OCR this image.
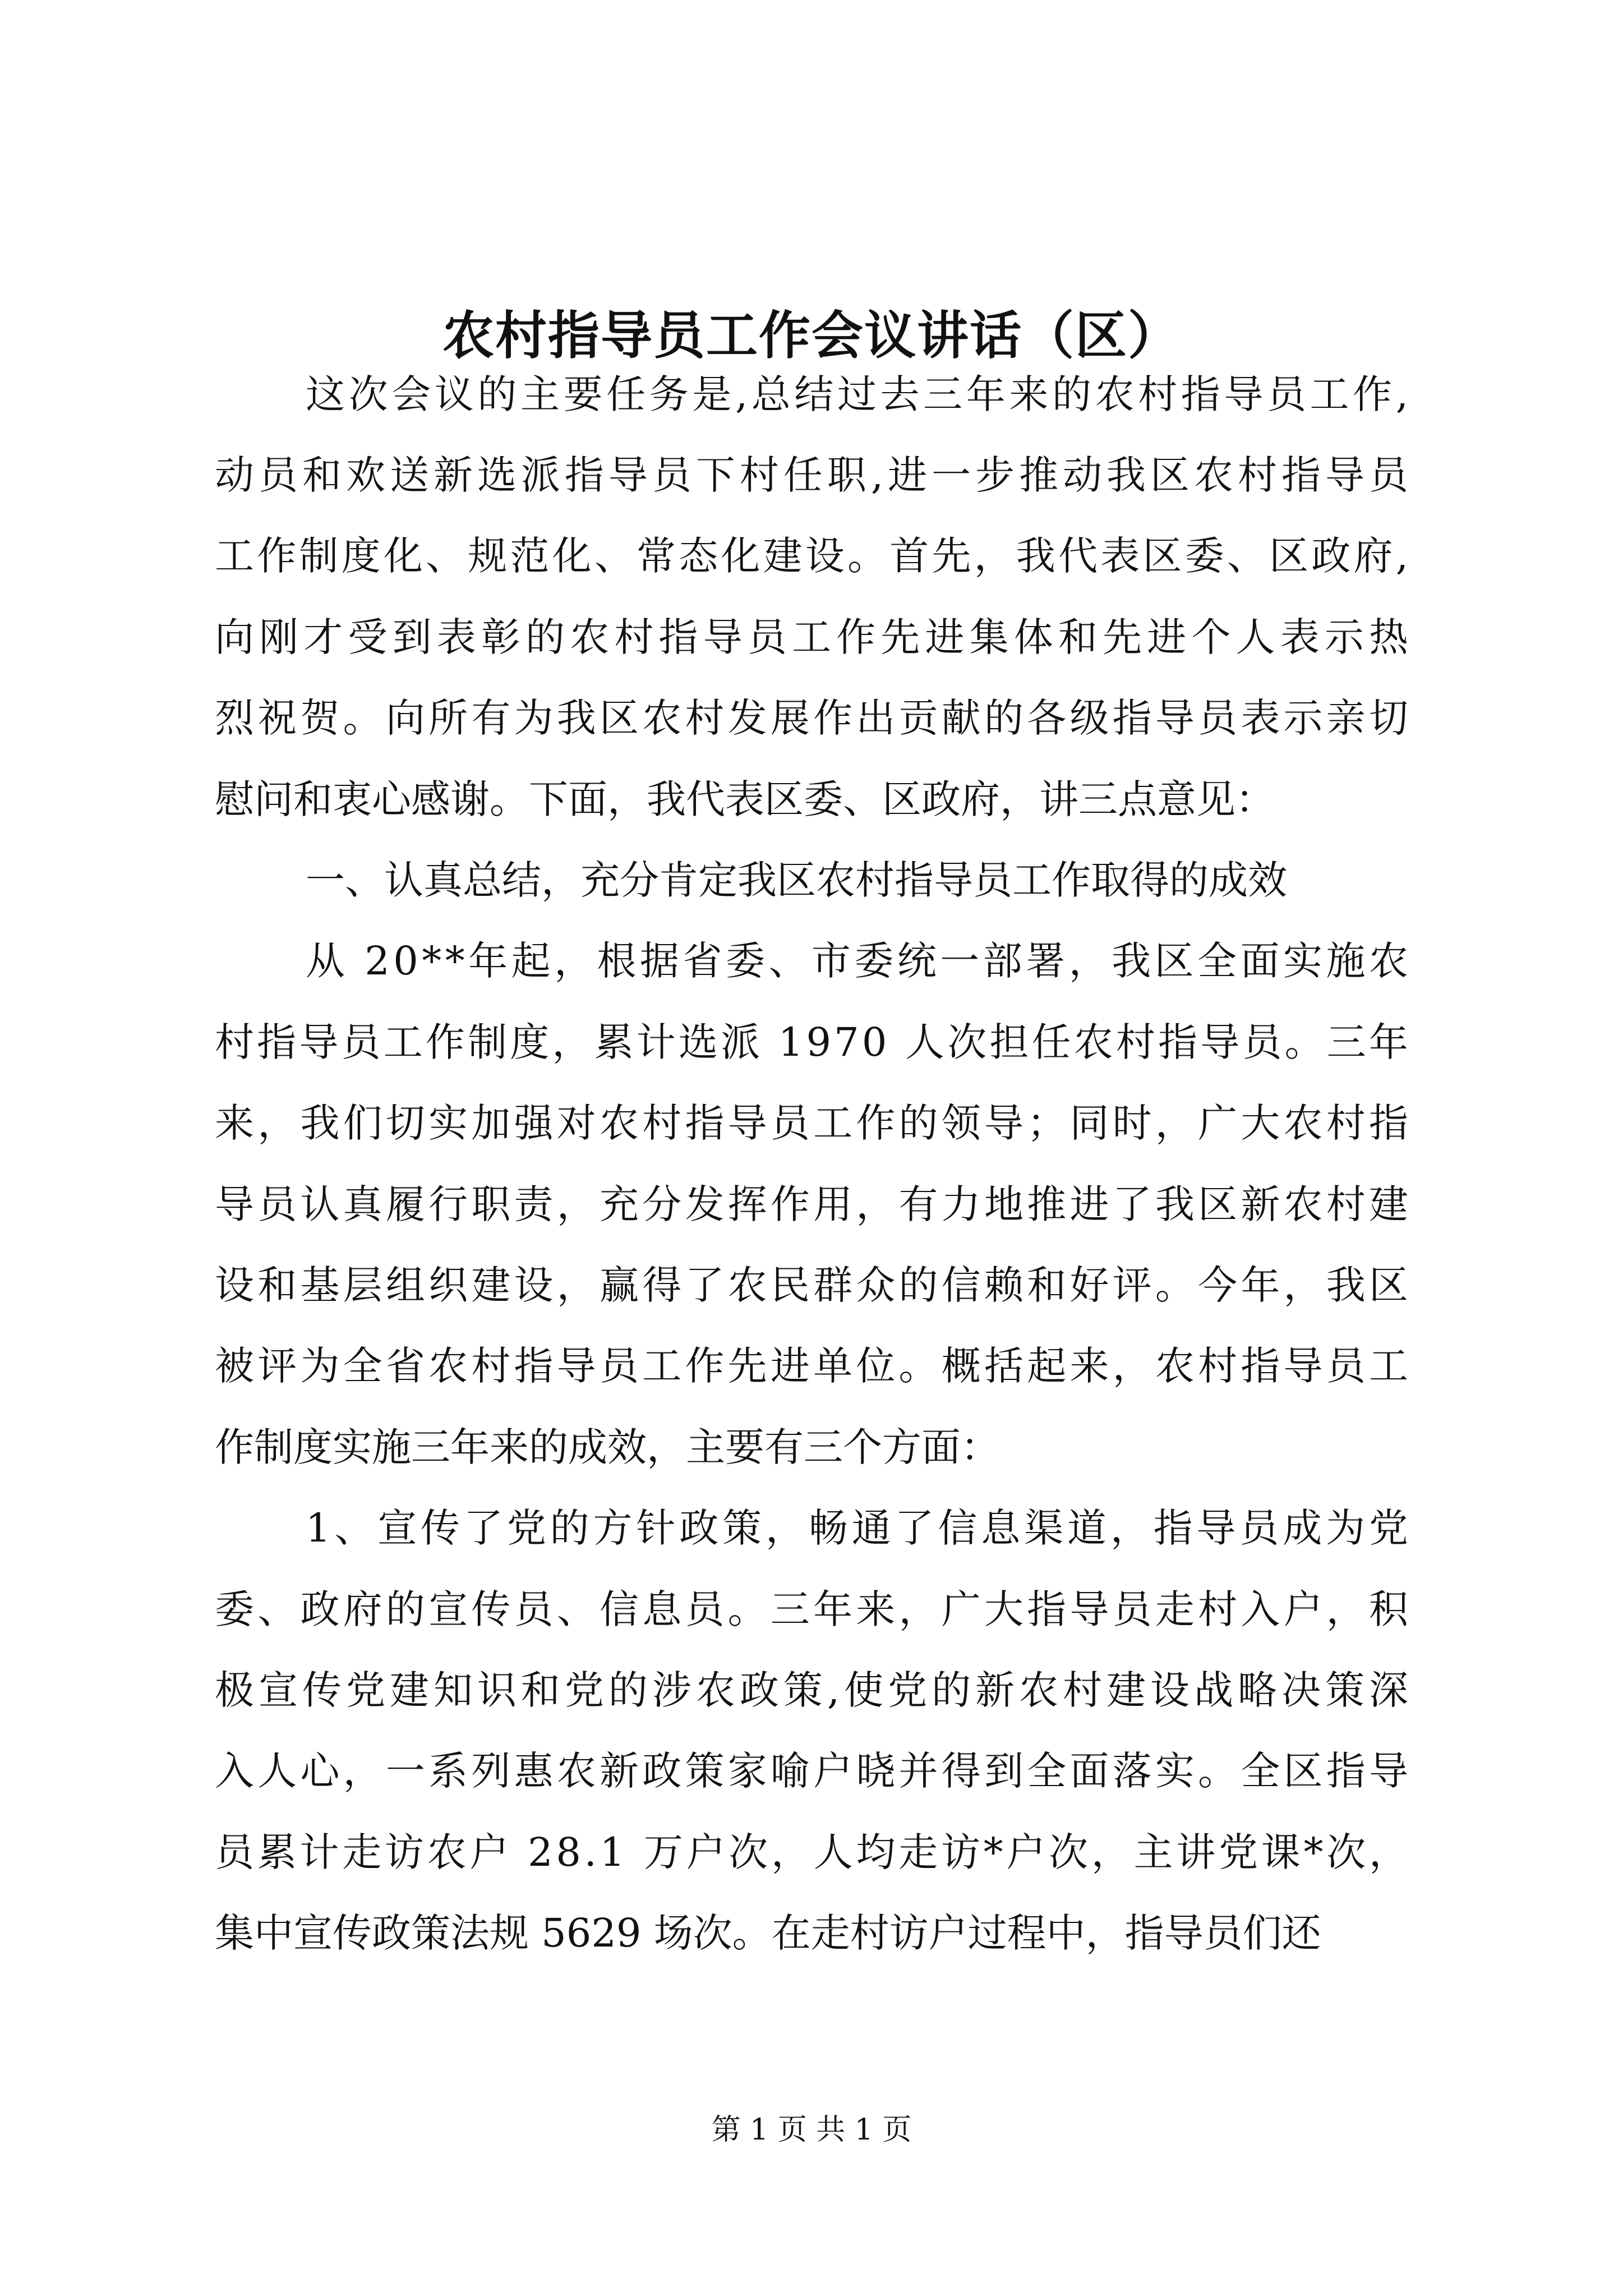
农村指导员工作会议讲话（区）
这次会议的主要任务是,总结过去三年来的农村指导员工作,
动员和欢送新选派指导员下村任职,进一步推动我区农村指导员
工作制度化、规范化、常态化建设。首先，我代表区委、区政府,
向刚才受到表彰的农村指导员工作先进集体和先进个人表示热
烈祝贺。向所有为我区农村发展作出贡献的各级指导员表示亲切
慰问和衷心感谢。下面，我代表区委、区政府，讲三点意见：
一、认真总结，充分肯定我区农村指导员工作取得的成效
从 20**年起，根据省委、市委统一部署，我区全面实施农
村指导员工作制度，累计选派 1970 人次担任农村指导员。三年
来，我们切实加强对农村指导员工作的领导；同时，广大农村指
导员认真履行职责，充分发挥作用，有力地推进了我区新农村建
设和基层组织建设，赢得了农民群众的信赖和好评。今年，我区
被评为全省农村指导员工作先进单位。概括起来，农村指导员工
作制度实施三年来的成效，主要有三个方面：
1、宣传了党的方针政策，畅通了信息渠道，指导员成为党
委、政府的宣传员、信息员。三年来，广大指导员走村入户，积
极宣传党建知识和党的涉农政策,使党的新农村建设战略决策深
入人心，一系列惠农新政策家喻户晓并得到全面落实。全区指导
员累计走访农户 28.1 万户次，人均走访*户次，主讲党课*次，
集中宣传政策法规 5629 场次。在走村访户过程中，指导员们还
第 1 页 共 1 页
